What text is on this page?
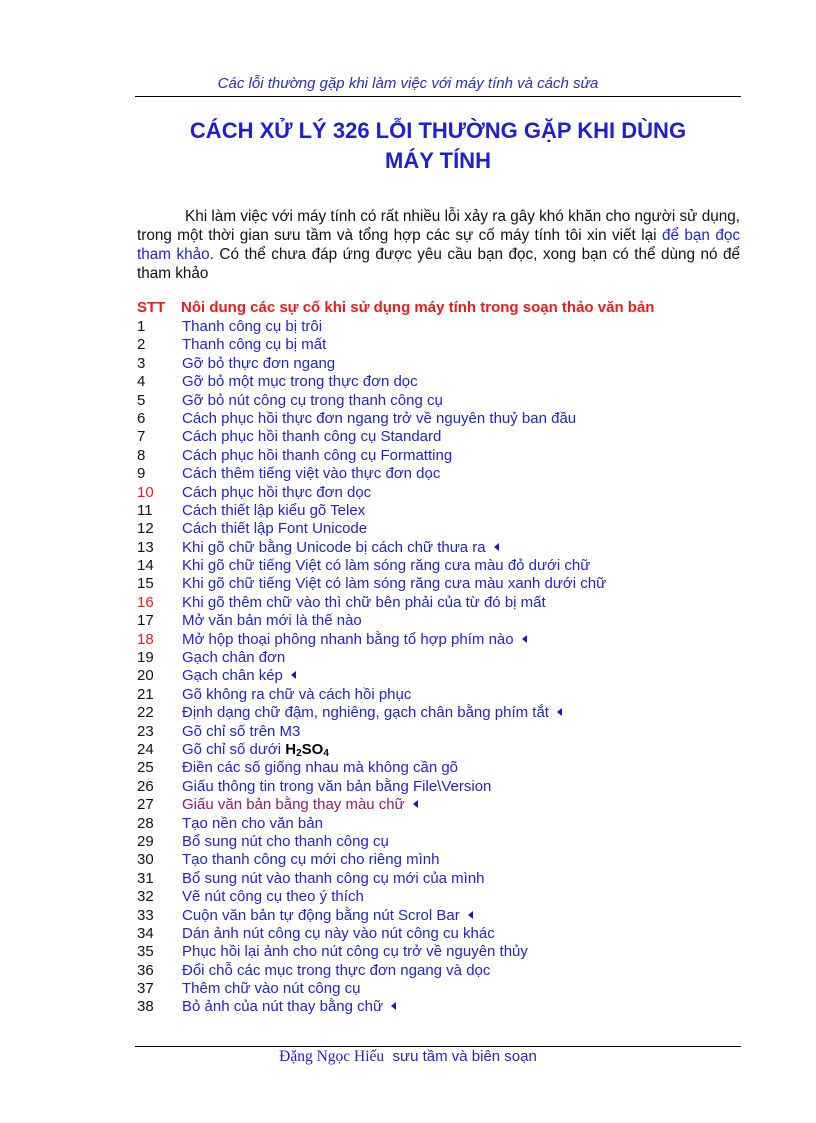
Các lỗi thường gặp khi làm việc với máy tính và cách sửa
CÁCH XỬ LÝ 326 LỖI THƯỜNG GẶP KHI DÙNG
MÁY TÍNH
Khi làm việc với máy tính có rất nhiều lỗi xảy ra gây khó khăn cho người sử dụng, trong một thời gian sưu tầm và tổng hợp các sự cố máy tính tôi xin viết lại để bạn đọc tham khảo. Có thể chưa đáp ứng được yêu cầu bạn đọc, xong bạn có thể dùng nó để tham khảo
STT Nôi dung các sự cố khi sử dụng máy tính trong soạn thảo văn bản
1 Thanh công cụ bị trôi
2 Thanh công cụ bị mất
3 Gỡ bỏ thực đơn ngang
4 Gỡ bỏ một mục trong thực đơn dọc
5 Gỡ bỏ nút công cụ trong thanh công cụ
6 Cách phục hồi thực đơn ngang trở về nguyên thuỷ ban đầu
7 Cách phục hồi thanh công cụ Standard
8 Cách phục hồi thanh công cụ Formatting
9 Cách thêm tiếng việt vào thực đơn dọc
10 Cách phục hồi thực đơn dọc
11 Cách thiết lập kiểu gõ Telex
12 Cách thiết lập Font Unicode
13 Khi gõ chữ bằng Unicode bị cách chữ thưa ra
14 Khi gõ chữ tiếng Việt có làm sóng răng cưa màu đỏ dưới chữ
15 Khi gõ chữ tiếng Việt có làm sóng răng cưa màu xanh dưới chữ
16 Khi gõ thêm chữ vào thì chữ bên phải của từ đó bị mất
17 Mở văn bản mới là thế nào
18 Mở hộp thoại phông nhanh bằng tổ hợp phím nào
19 Gạch chân đơn
20 Gạch chân kép
21 Gõ không ra chữ và cách hồi phục
22 Định dạng chữ đậm, nghiêng, gạch chân bằng phím tắt
23 Gõ chỉ số trên M3
24 Gõ chỉ số dưới $H_2SO_4$
25 Điền các số giống nhau mà không cần gõ
26 Giấu thông tin trong văn bản bằng File\Version
27 Giấu văn bản bằng thay màu chữ
28 Tạo nền cho văn bản
29 Bổ sung nút cho thanh công cụ
30 Tạo thanh công cụ mới cho riêng mình
31 Bổ sung nút vào thanh công cụ mới của mình
32 Vẽ nút công cụ theo ý thích
33 Cuộn văn bản tự động bằng nút Scrol Bar
34 Dán ảnh nút công cụ này vào nút công cu khác
35 Phục hồi lại ảnh cho nút công cụ trở về nguyên thủy
36 Đổi chỗ các mục trong thực đơn ngang và dọc
37 Thêm chữ vào nút công cụ
38 Bỏ ảnh của nút thay bằng chữ
Đặng Ngọc Hiếu sưu tầm và biên soạn
